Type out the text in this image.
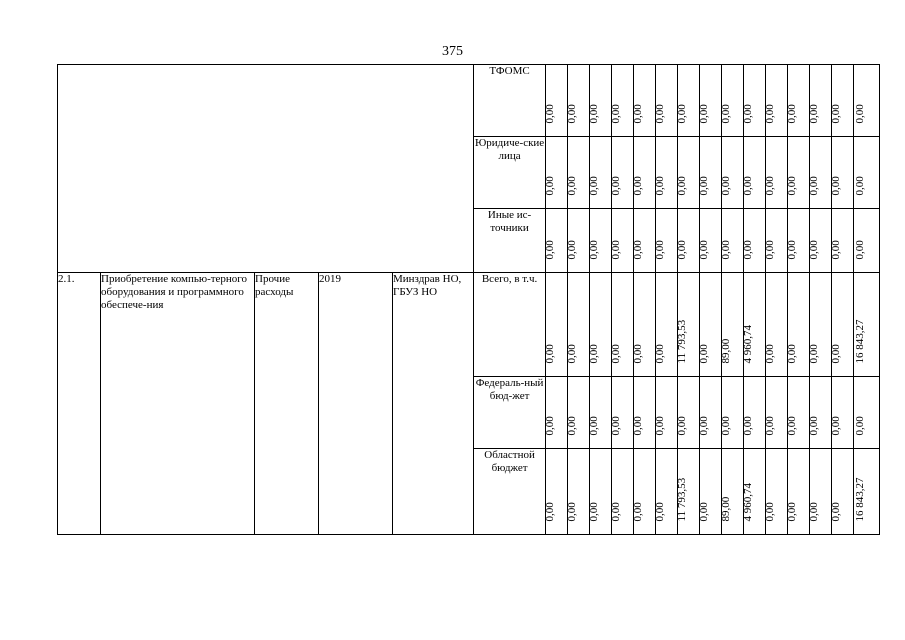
375
					ТФОМС	0,00	0,00	0,00	0,00	0,00	0,00	0,00	0,00	0,00	0,00	0,00	0,00	0,00	0,00	0,00

					Юридиче-ские лица	0,00	0,00	0,00	0,00	0,00	0,00	0,00	0,00	0,00	0,00	0,00	0,00	0,00	0,00	0,00

					Иные ис-точники	0,00	0,00	0,00	0,00	0,00	0,00	0,00	0,00	0,00	0,00	0,00	0,00	0,00	0,00	0,00

2.1.	Приобретение компью-терного оборудования и программного обеспече-ния	Прочие расходы	2019	Минздрав НО, ГБУЗ НО	Всего, в т.ч.	0,00	0,00	0,00	0,00	0,00	0,00	11 793,53	0,00	89,00	4 960,74	0,00	0,00	0,00	0,00	16 843,27

					Федераль-ный бюд-жет	0,00	0,00	0,00	0,00	0,00	0,00	0,00	0,00	0,00	0,00	0,00	0,00	0,00	0,00	0,00

					Областной бюджет	0,00	0,00	0,00	0,00	0,00	0,00	11 793,53	0,00	89,00	4 960,74	0,00	0,00	0,00	0,00	16 843,27
